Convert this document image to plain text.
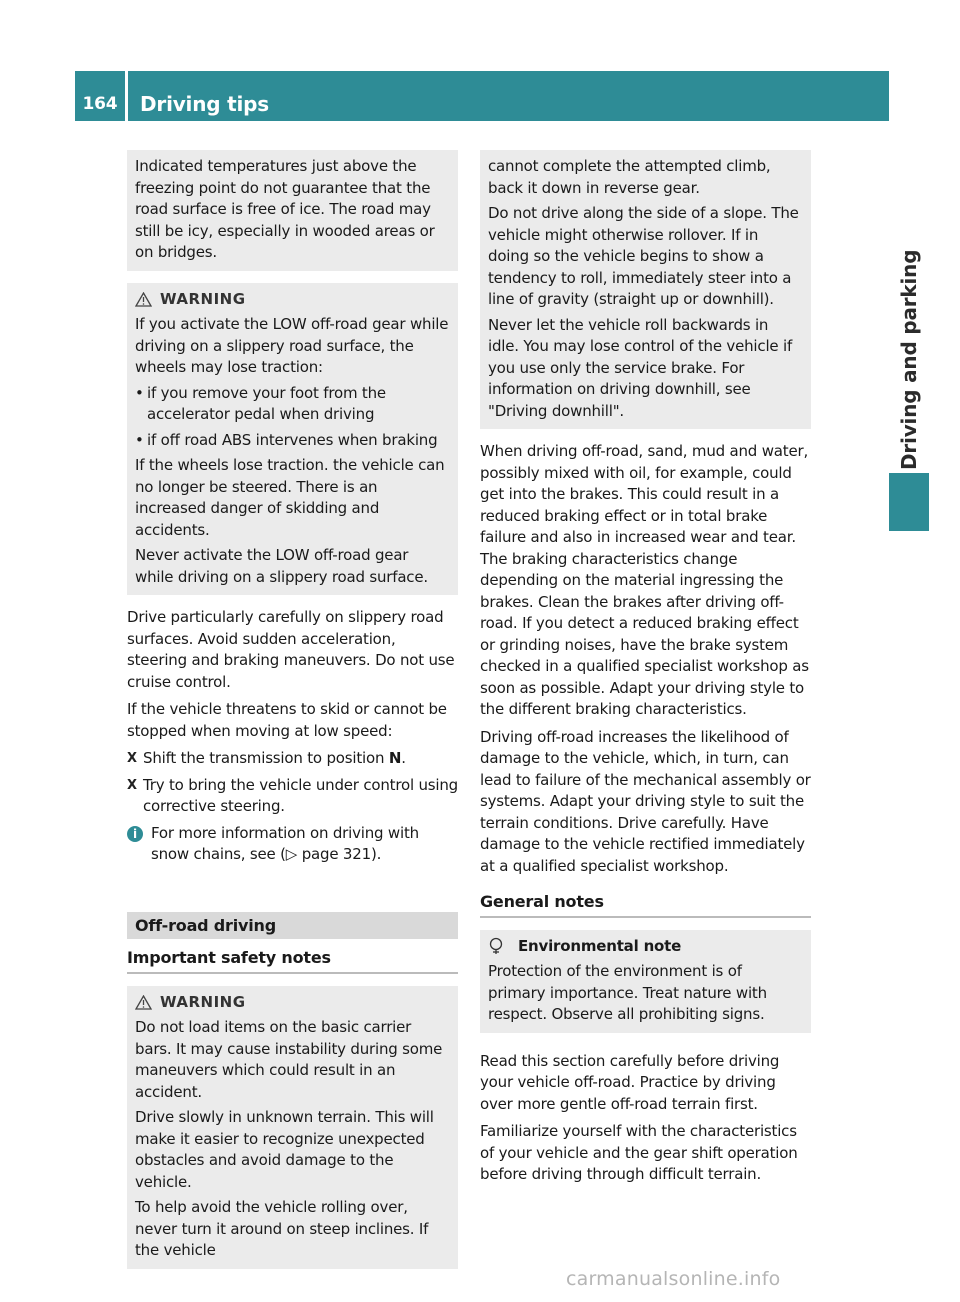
164	Driving tips
Driving and parking

Indicated temperatures just above the freezing point do not guarantee that the road surface is free of ice. The road may still be icy, especially in wooded areas or on bridges.

WARNING

If you activate the LOW off-road gear while driving on a slippery road surface, the wheels may lose traction:

• if you remove your foot from the accelerator pedal when driving
• if off road ABS intervenes when braking

If the wheels lose traction. the vehicle can no longer be steered. There is an increased danger of skidding and accidents.

Never activate the LOW off-road gear while driving on a slippery road surface.

Drive particularly carefully on slippery road surfaces. Avoid sudden acceleration, steering and braking maneuvers. Do not use cruise control.

If the vehicle threatens to skid or cannot be stopped when moving at low speed:

X Shift the transmission to position N.
X Try to bring the vehicle under control using corrective steering.
i For more information on driving with snow chains, see (▷ page 321).
Off-road driving
Important safety notes
WARNING

Do not load items on the basic carrier bars. It may cause instability during some maneuvers which could result in an accident.

Drive slowly in unknown terrain. This will make it easier to recognize unexpected obstacles and avoid damage to the vehicle.

To help avoid the vehicle rolling over, never turn it around on steep inclines. If the vehicle

cannot complete the attempted climb, back it down in reverse gear.

Do not drive along the side of a slope. The vehicle might otherwise rollover. If in doing so the vehicle begins to show a tendency to roll, immediately steer into a line of gravity (straight up or downhill).

Never let the vehicle roll backwards in idle. You may lose control of the vehicle if you use only the service brake. For information on driving downhill, see "Driving downhill".

When driving off-road, sand, mud and water, possibly mixed with oil, for example, could get into the brakes. This could result in a reduced braking effect or in total brake failure and also in increased wear and tear. The braking characteristics change depending on the material ingressing the brakes. Clean the brakes after driving off-road. If you detect a reduced braking effect or grinding noises, have the brake system checked in a qualified specialist workshop as soon as possible. Adapt your driving style to the different braking characteristics.

Driving off-road increases the likelihood of damage to the vehicle, which, in turn, can lead to failure of the mechanical assembly or systems. Adapt your driving style to suit the terrain conditions. Drive carefully. Have damage to the vehicle rectified immediately at a qualified specialist workshop.

General notes
Environmental note

Protection of the environment is of primary importance. Treat nature with respect. Observe all prohibiting signs.

Read this section carefully before driving your vehicle off-road. Practice by driving over more gentle off-road terrain first.

Familiarize yourself with the characteristics of your vehicle and the gear shift operation before driving through difficult terrain.

carmanualsonline.info
